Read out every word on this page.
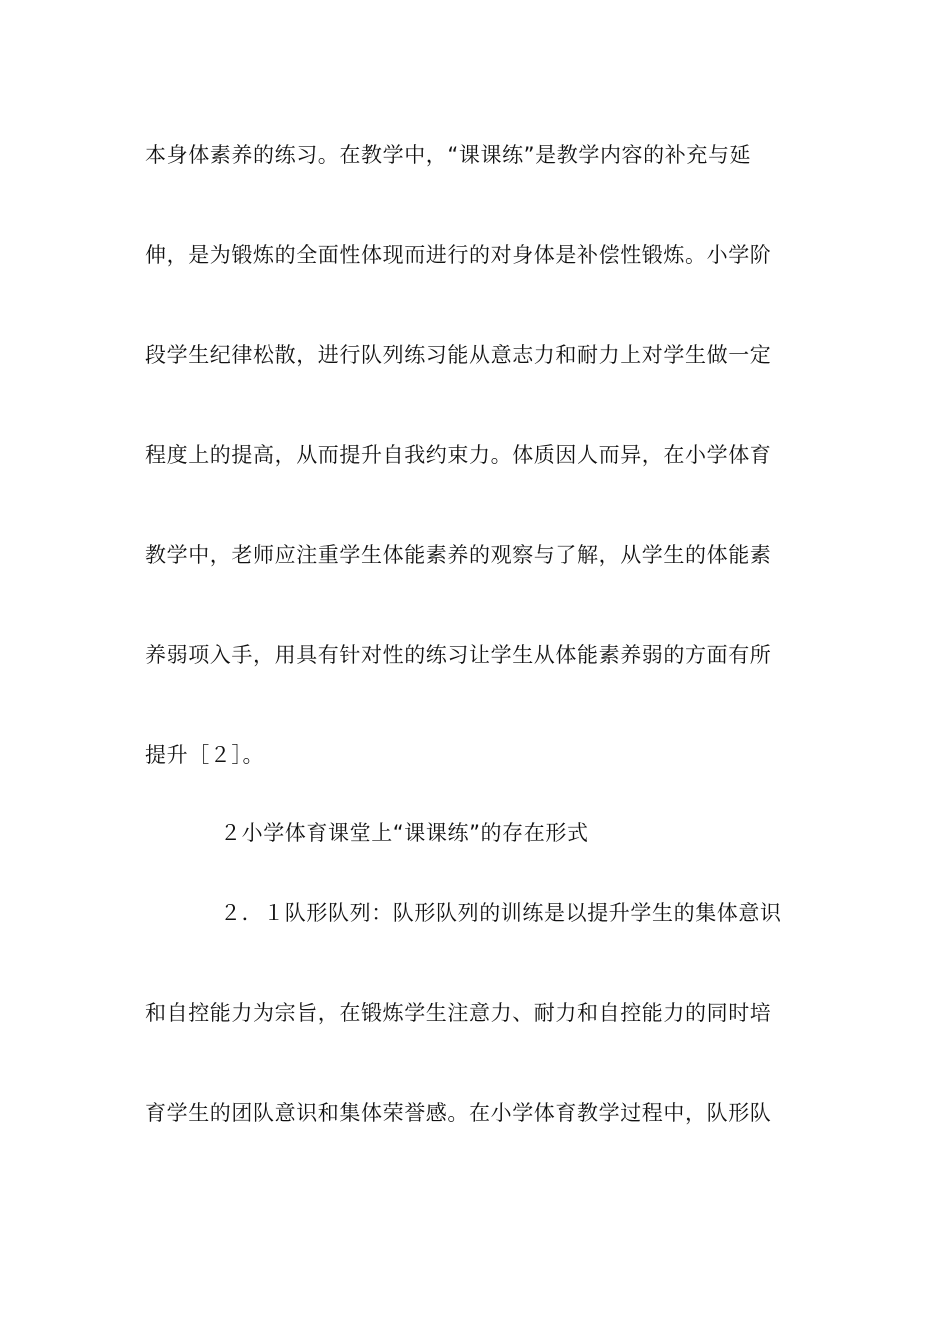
本身体素养的练习。在教学中，“课课练”是教学内容的补充与延
伸，是为锻炼的全面性体现而进行的对身体是补偿性锻炼。小学阶
段学生纪律松散，进行队列练习能从意志力和耐力上对学生做一定
程度上的提高，从而提升自我约束力。体质因人而异，在小学体育
教学中，老师应注重学生体能素养的观察与了解，从学生的体能素
养弱项入手，用具有针对性的练习让学生从体能素养弱的方面有所
提升［２］。
２小学体育课堂上“课课练”的存在形式
２．１队形队列：队形队列的训练是以提升学生的集体意识
和自控能力为宗旨，在锻炼学生注意力、耐力和自控能力的同时培
育学生的团队意识和集体荣誉感。在小学体育教学过程中，队形队
